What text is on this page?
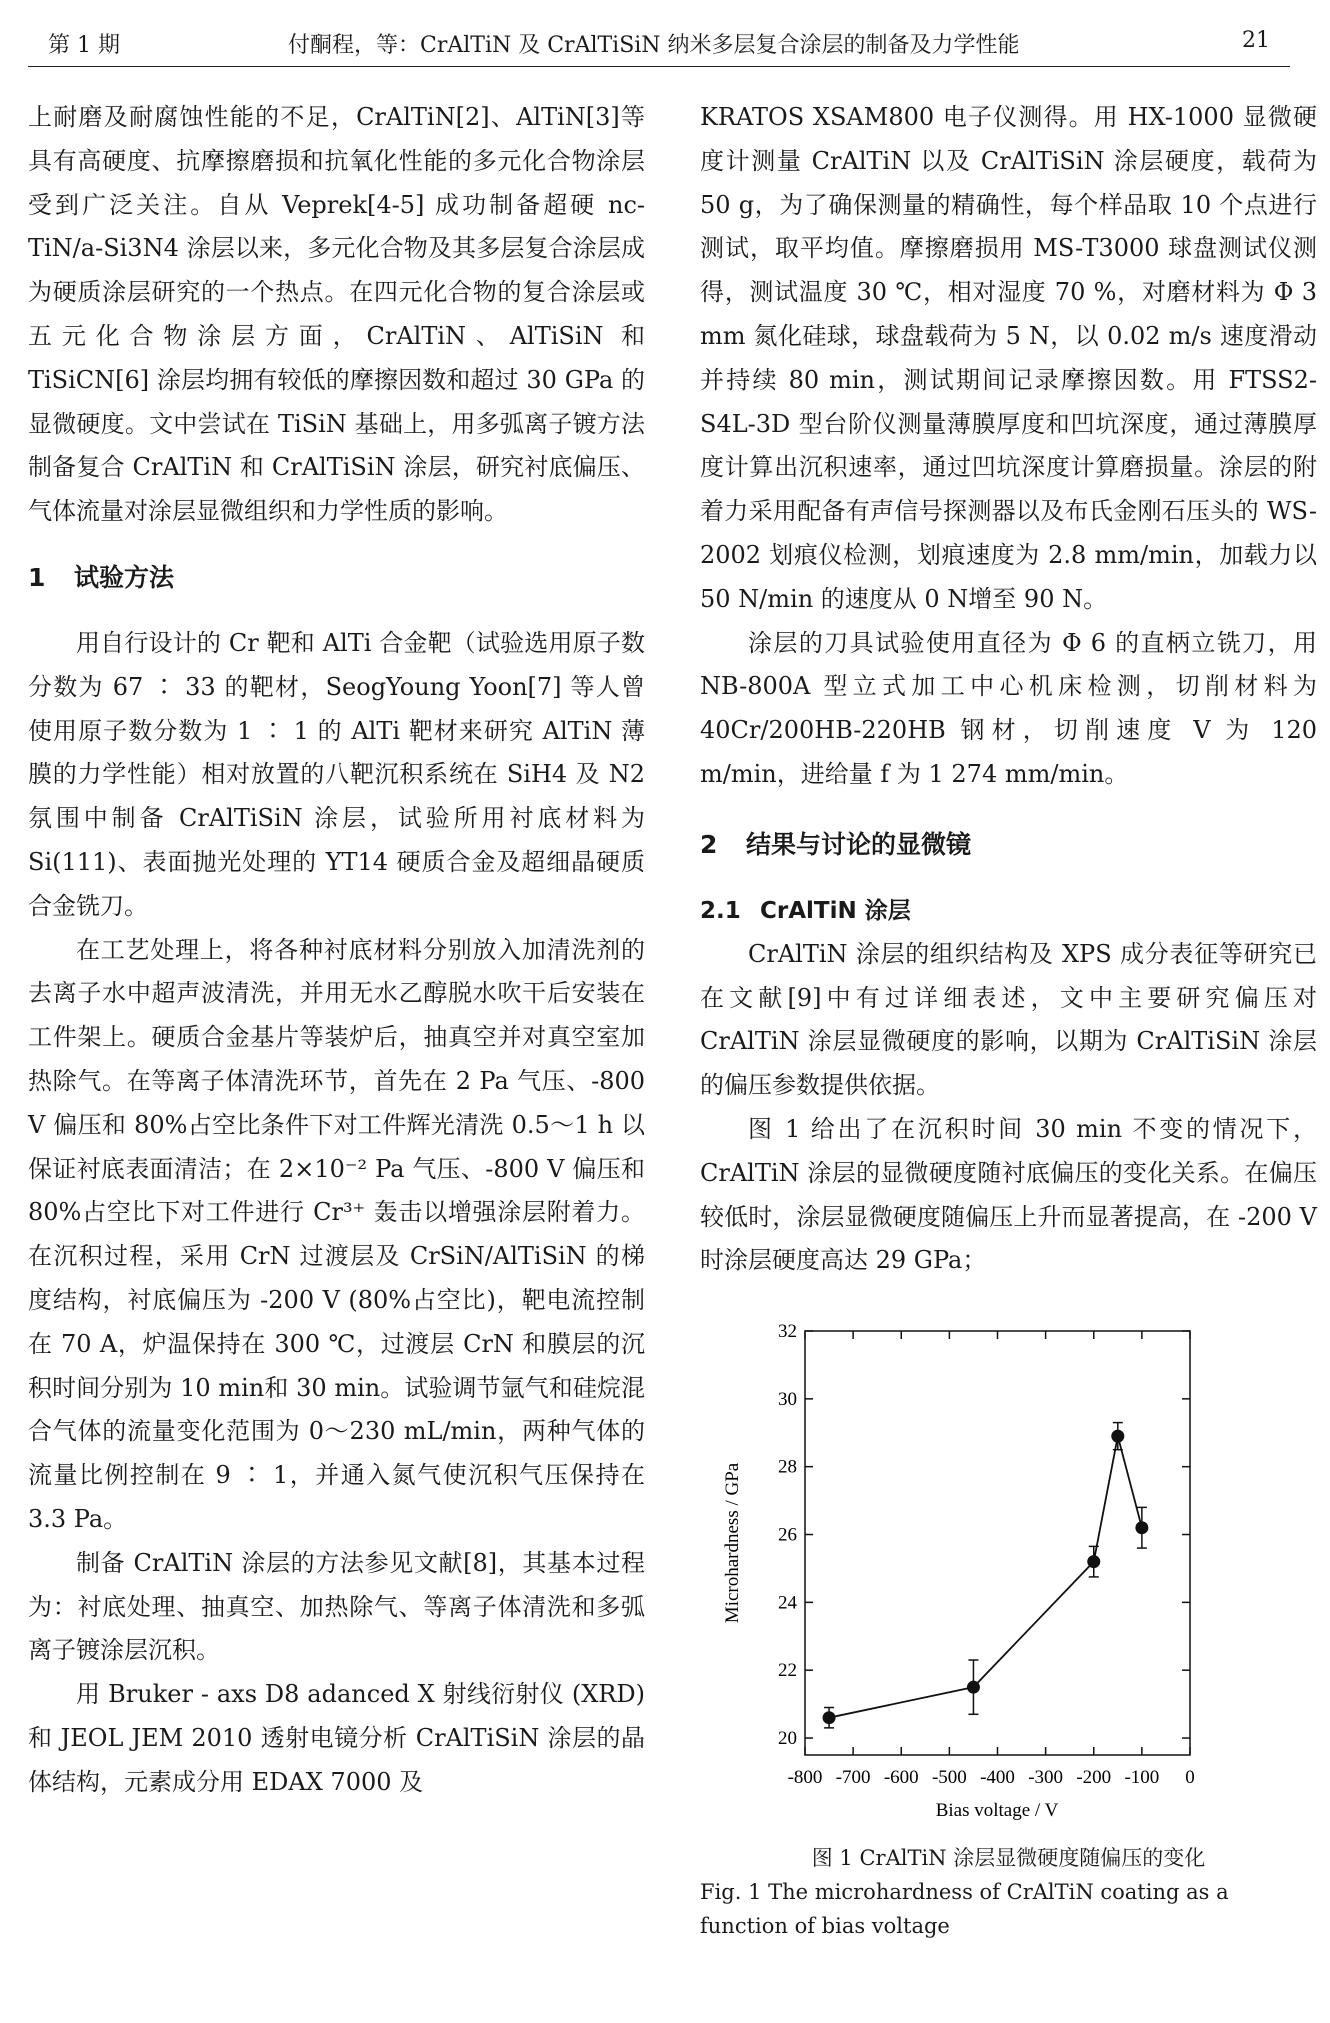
第 1 期	付酮程，等：CrAlTiN 及 CrAlTiSiN 纳米多层复合涂层的制备及力学性能	21

上耐磨及耐腐蚀性能的不足，CrAlTiN[2]、AlTiN[3]等具有高硬度、抗摩擦磨损和抗氧化性能的多元化合物涂层受到广泛关注。自从 Veprek[4-5] 成功制备超硬 nc-TiN/a-Si3N4 涂层以来，多元化合物及其多层复合涂层成为硬质涂层研究的一个热点。在四元化合物的复合涂层或五元化合物涂层方面，CrAlTiN、AlTiSiN 和 TiSiCN[6] 涂层均拥有较低的摩擦因数和超过 30 GPa 的显微硬度。文中尝试在 TiSiN 基础上，用多弧离子镀方法制备复合 CrAlTiN 和 CrAlTiSiN 涂层，研究衬底偏压、气体流量对涂层显微组织和力学性质的影响。

1 试验方法

用自行设计的 Cr 靶和 AlTi 合金靶（试验选用原子数分数为 67 ∶ 33 的靶材，SeogYoung Yoon[7] 等人曾使用原子数分数为 1 ∶ 1 的 AlTi 靶材来研究 AlTiN 薄膜的力学性能）相对放置的八靶沉积系统在 SiH4 及 N2 氛围中制备 CrAlTiSiN 涂层，试验所用衬底材料为 Si(111)、表面抛光处理的 YT14 硬质合金及超细晶硬质合金铣刀。

在工艺处理上，将各种衬底材料分别放入加清洗剂的去离子水中超声波清洗，并用无水乙醇脱水吹干后安装在工件架上。硬质合金基片等装炉后，抽真空并对真空室加热除气。在等离子体清洗环节，首先在 2 Pa 气压、-800 V 偏压和 80%占空比条件下对工件辉光清洗 0.5～1 h 以保证衬底表面清洁；在 2×10⁻² Pa 气压、-800 V 偏压和 80%占空比下对工件进行 Cr³⁺ 轰击以增强涂层附着力。在沉积过程，采用 CrN 过渡层及 CrSiN/AlTiSiN 的梯度结构，衬底偏压为 -200 V (80%占空比)，靶电流控制在 70 A，炉温保持在 300 ℃，过渡层 CrN 和膜层的沉积时间分别为 10 min和 30 min。试验调节氩气和硅烷混合气体的流量变化范围为 0～230 mL/min，两种气体的流量比例控制在 9 ∶ 1，并通入氮气使沉积气压保持在 3.3 Pa。

制备 CrAlTiN 涂层的方法参见文献[8]，其基本过程为：衬底处理、抽真空、加热除气、等离子体清洗和多弧离子镀涂层沉积。

用 Bruker - axs D8 adanced X 射线衍射仪 (XRD) 和 JEOL JEM 2010 透射电镜分析 CrAlTiSiN 涂层的晶体结构，元素成分用 EDAX 7000 及

KRATOS XSAM800 电子仪测得。用 HX-1000 显微硬度计测量 CrAlTiN 以及 CrAlTiSiN 涂层硬度，载荷为 50 g，为了确保测量的精确性，每个样品取 10 个点进行测试，取平均值。摩擦磨损用 MS-T3000 球盘测试仪测得，测试温度 30 ℃，相对湿度 70 %，对磨材料为 Φ 3 mm 氮化硅球，球盘载荷为 5 N，以 0.02 m/s 速度滑动并持续 80 min，测试期间记录摩擦因数。用 FTSS2-S4L-3D 型台阶仪测量薄膜厚度和凹坑深度，通过薄膜厚度计算出沉积速率，通过凹坑深度计算磨损量。涂层的附着力采用配备有声信号探测器以及布氏金刚石压头的 WS-2002 划痕仪检测，划痕速度为 2.8 mm/min，加载力以 50 N/min 的速度从 0 N增至 90 N。

涂层的刀具试验使用直径为 Φ 6 的直柄立铣刀，用 NB-800A 型立式加工中心机床检测，切削材料为 40Cr/200HB-220HB 钢材，切削速度 V 为 120 m/min，进给量 f 为 1 274 mm/min。

2 结果与讨论的显微镜
2.1 CrAlTiN 涂层

CrAlTiN 涂层的组织结构及 XPS 成分表征等研究已在文献[9]中有过详细表述，文中主要研究偏压对 CrAlTiN 涂层显微硬度的影响，以期为 CrAlTiSiN 涂层的偏压参数提供依据。

图 1 给出了在沉积时间 30 min 不变的情况下，CrAlTiN 涂层的显微硬度随衬底偏压的变化关系。在偏压较低时，涂层显微硬度随偏压上升而显著提高，在 -200 V 时涂层硬度高达 29 GPa；

20
22
24
26
28
30
32
-800 -700 -600 -500 -400 -300 -200 -100 0
Bias voltage / V
Microhardness / GPa
图 1 CrAlTiN 涂层显微硬度随偏压的变化
Fig. 1 The microhardness of CrAlTiN coating as a function of bias voltage
